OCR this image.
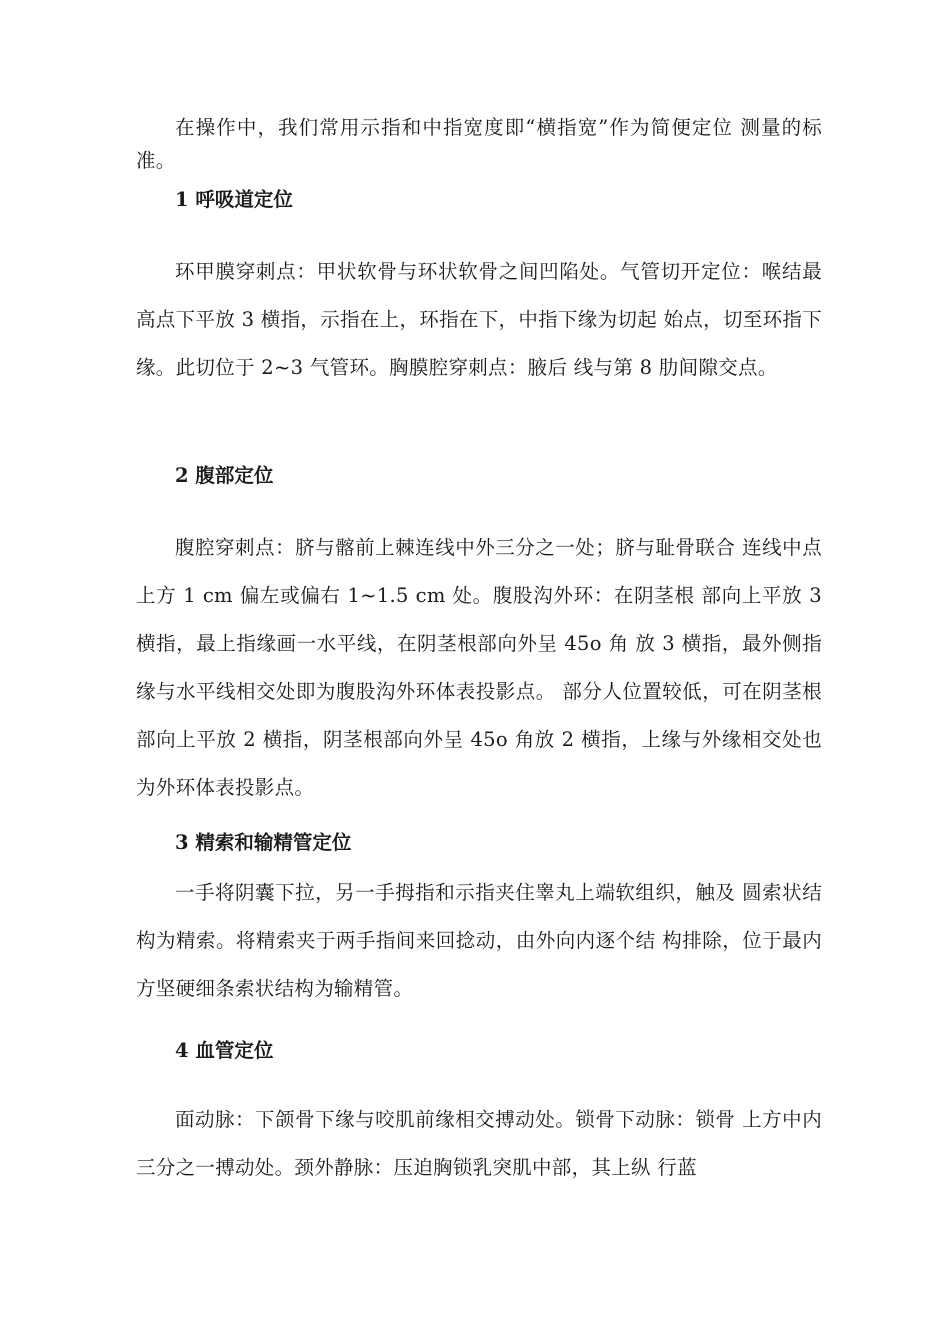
在操作中，我们常用示指和中指宽度即“横指宽”作为简便定位 测量的标准。

1 呼吸道定位

环甲膜穿刺点：甲状软骨与环状软骨之间凹陷处。气管切开定位：喉结最高点下平放 3 横指，示指在上，环指在下，中指下缘为切起 始点，切至环指下缘。此切位于 2~3 气管环。胸膜腔穿刺点：腋后 线与第 8 肋间隙交点。

2 腹部定位

腹腔穿刺点：脐与髂前上棘连线中外三分之一处；脐与耻骨联合 连线中点上方 1 cm 偏左或偏右 1~1.5 cm 处。腹股沟外环：在阴茎根 部向上平放 3 横指，最上指缘画一水平线，在阴茎根部向外呈 45o 角 放 3 横指，最外侧指缘与水平线相交处即为腹股沟外环体表投影点。 部分人位置较低，可在阴茎根部向上平放 2 横指，阴茎根部向外呈 45o 角放 2 横指，上缘与外缘相交处也为外环体表投影点。

3 精索和输精管定位

一手将阴囊下拉，另一手拇指和示指夹住睾丸上端软组织，触及 圆索状结构为精索。将精索夹于两手指间来回捻动，由外向内逐个结 构排除，位于最内方坚硬细条索状结构为输精管。

4 血管定位

面动脉：下颌骨下缘与咬肌前缘相交搏动处。锁骨下动脉：锁骨 上方中内三分之一搏动处。颈外静脉：压迫胸锁乳突肌中部，其上纵 行蓝
